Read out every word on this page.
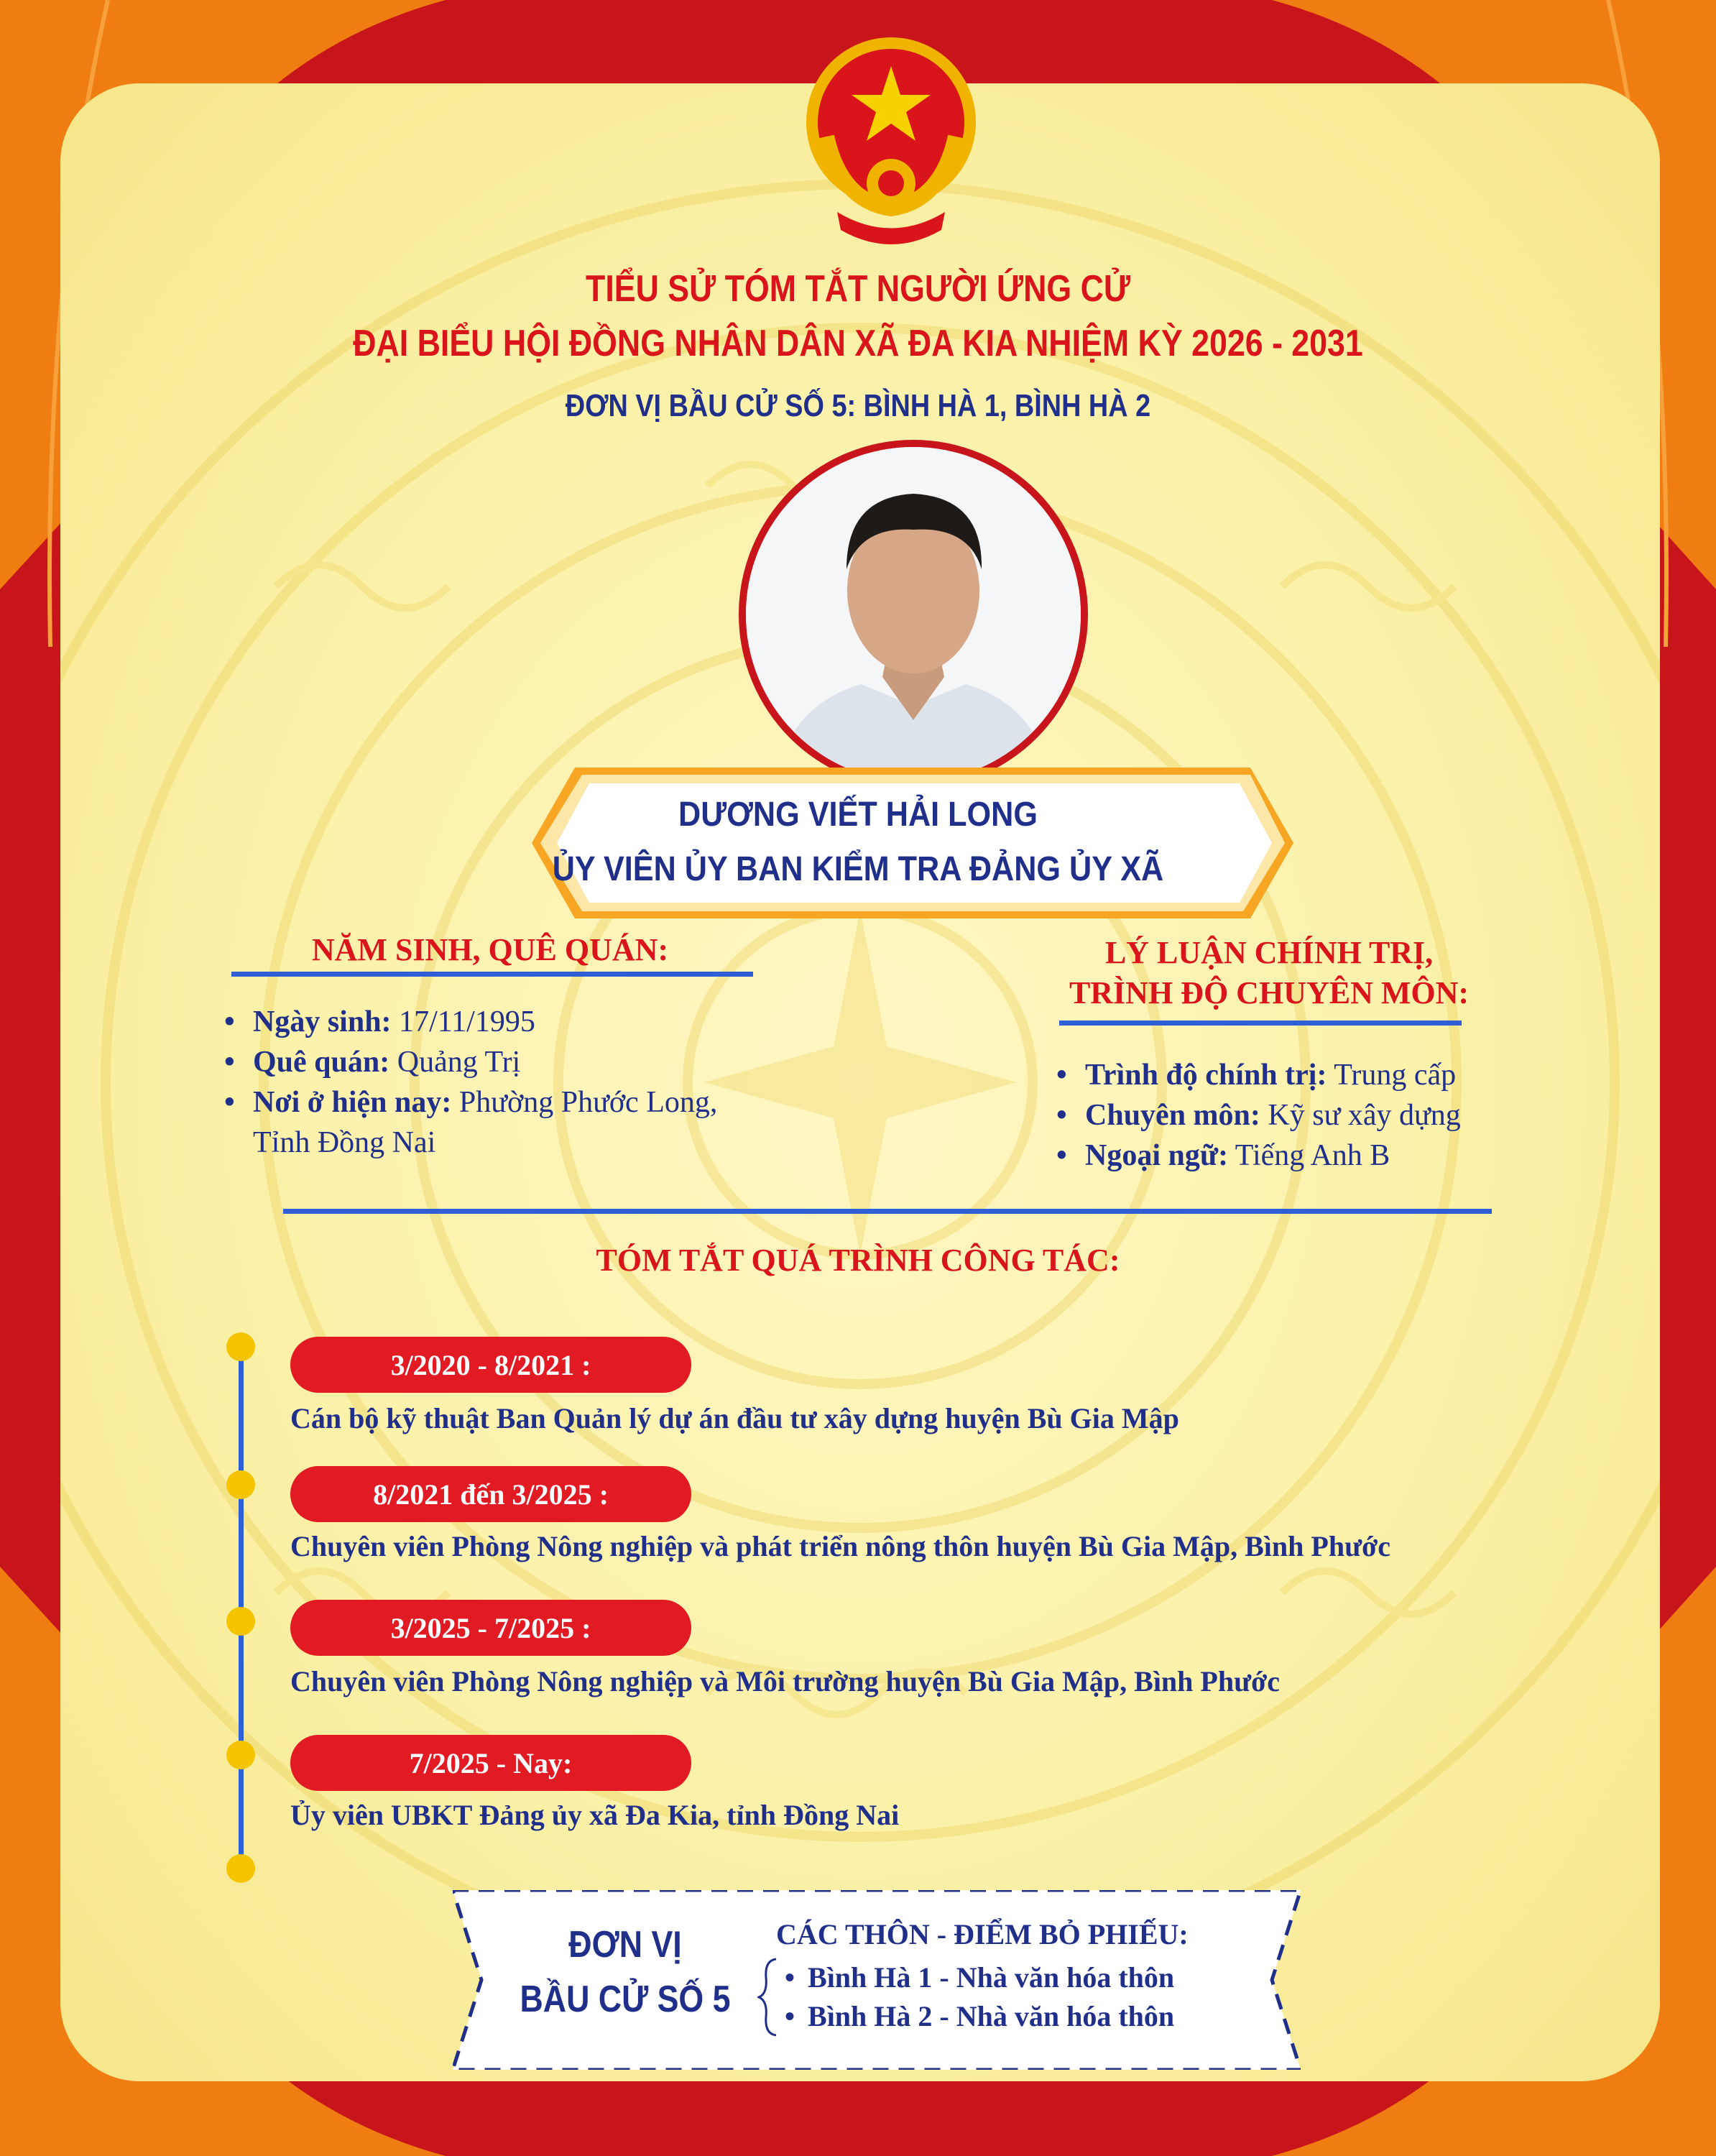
TIỂU SỬ TÓM TẮT NGƯỜI ỨNG CỬ
ĐẠI BIỂU HỘI ĐỒNG NHÂN DÂN XÃ ĐA KIA NHIỆM KỲ 2026 - 2031
ĐƠN VỊ BẦU CỬ SỐ 5: BÌNH HÀ 1, BÌNH HÀ 2
DƯƠNG VIẾT HẢI LONG
ỦY VIÊN ỦY BAN KIỂM TRA ĐẢNG ỦY XÃ
NĂM SINH, QUÊ QUÁN:
• Ngày sinh: 17/11/1995
• Quê quán: Quảng Trị
• Nơi ở hiện nay: Phường Phước Long,
Tỉnh Đồng Nai
LÝ LUẬN CHÍNH TRỊ,
TRÌNH ĐỘ CHUYÊN MÔN:
• Trình độ chính trị: Trung cấp
• Chuyên môn: Kỹ sư xây dựng
• Ngoại ngữ: Tiếng Anh B
TÓM TẮT QUÁ TRÌNH CÔNG TÁC:
3/2020 - 8/2021 :
Cán bộ kỹ thuật Ban Quản lý dự án đầu tư xây dựng huyện Bù Gia Mập
8/2021 đến 3/2025 :
Chuyên viên Phòng Nông nghiệp và phát triển nông thôn huyện Bù Gia Mập, Bình Phước
3/2025 - 7/2025 :
Chuyên viên Phòng Nông nghiệp và Môi trường huyện Bù Gia Mập, Bình Phước
7/2025 - Nay:
Ủy viên UBKT Đảng ủy xã Đa Kia, tỉnh Đồng Nai
ĐƠN VỊ
BẦU CỬ SỐ 5
CÁC THÔN - ĐIỂM BỎ PHIẾU:
• Bình Hà 1 - Nhà văn hóa thôn
• Bình Hà 2 - Nhà văn hóa thôn
